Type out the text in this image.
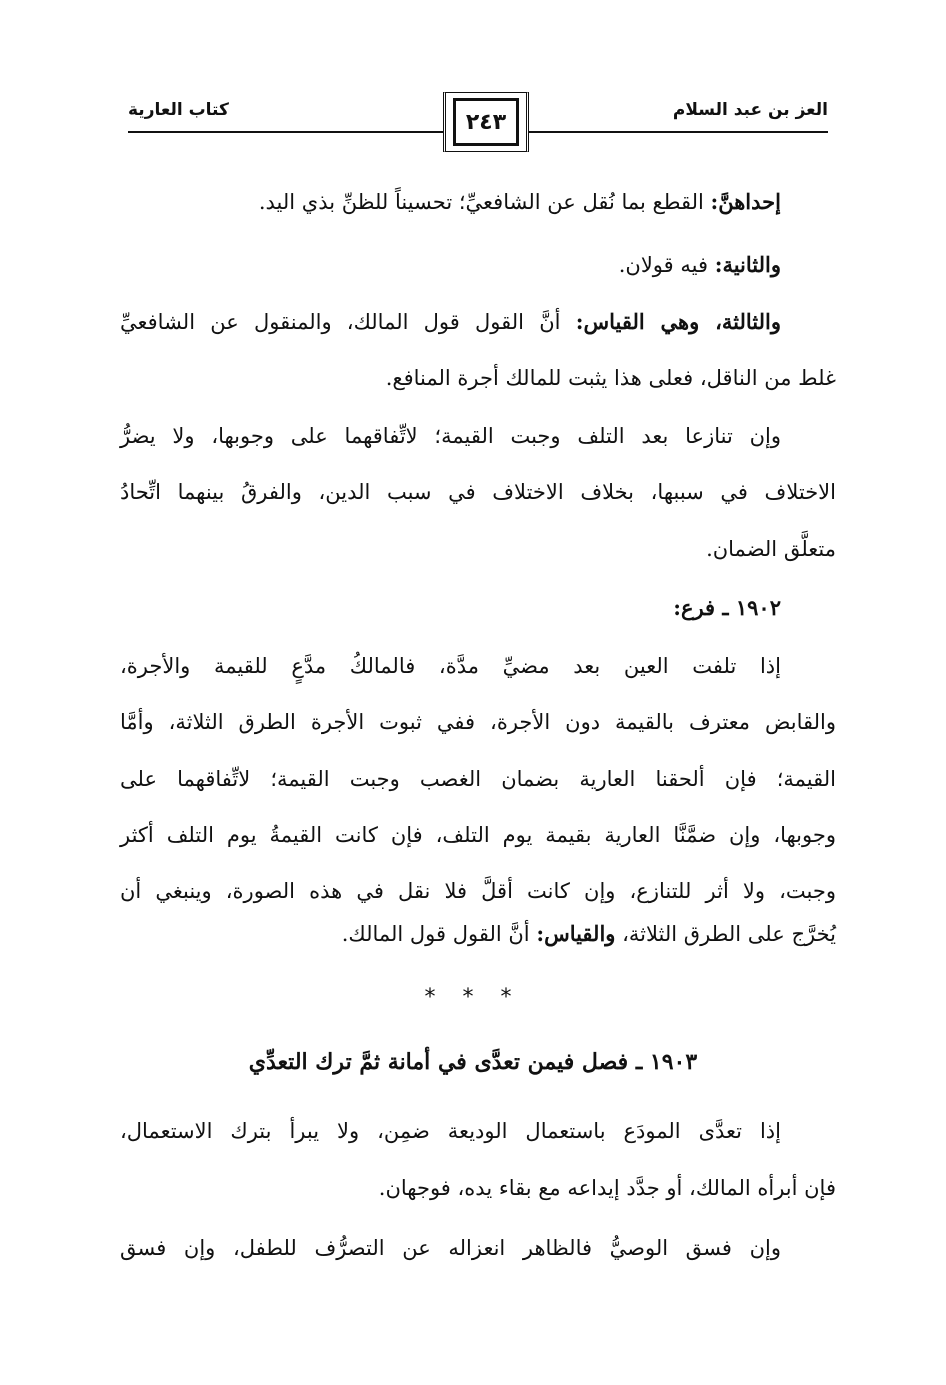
العز بن عبد السلام
كتاب العارية	٢٤٣
إحداهنَّ: القطع بما نُقل عن الشافعيِّ؛ تحسيناً للظنِّ بذي اليد.
والثانية: فيه قولان.
والثالثة، وهي القياس: أنَّ القول قول المالك، والمنقول عن الشافعيِّ
غلط من الناقل، فعلى هذا يثبت للمالك أجرة المنافع.
وإن تنازعا بعد التلف وجبت القيمة؛ لاتِّفاقهما على وجوبها، ولا يضرُّ
الاختلاف في سببها، بخلاف الاختلاف في سبب الدين، والفرقُ بينهما اتِّحادُ
متعلَّق الضمان.
١٩٠٢ ـ فرع:
إذا تلفت العين بعد مضيِّ مدَّة، فالمالكُ مدَّعٍ للقيمة والأجرة،
والقابض معترف بالقيمة دون الأجرة، ففي ثبوت الأجرة الطرق الثلاثة، وأمَّا
القيمة؛ فإن ألحقنا العارية بضمان الغصب وجبت القيمة؛ لاتِّفاقهما على
وجوبها، وإن ضمَّنَّا العارية بقيمة يوم التلف، فإن كانت القيمةُ يوم التلف أكثر
وجبت، ولا أثر للتنازع، وإن كانت أقلَّ فلا نقل في هذه الصورة، وينبغي أن
يُخرَّج على الطرق الثلاثة، والقياس: أنَّ القول قول المالك.
* * *
١٩٠٣ ـ فصل فيمن تعدَّى في أمانة ثمَّ ترك التعدِّي
إذا تعدَّى المودَع باستعمال الوديعة ضمِن، ولا يبرأ بترك الاستعمال،
فإن أبرأه المالك، أو جدَّد إيداعه مع بقاء يده، فوجهان.
وإن فسق الوصيُّ فالظاهر انعزاله عن التصرُّف للطفل، وإن فسق
